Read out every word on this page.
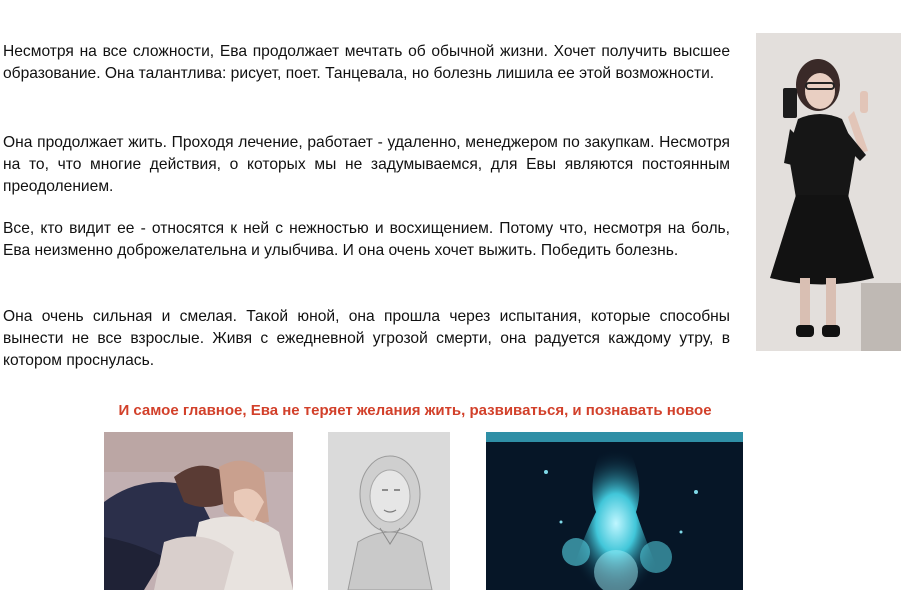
Несмотря на все сложности, Ева продолжает мечтать об обычной жизни. Хочет получить высшее образование. Она талантлива: рисует, поет. Танцевала, но болезнь лишила ее этой возможности.

Она продолжает жить. Проходя лечение, работает - удаленно, менеджером по закупкам. Несмотря на то, что многие действия, о которых мы не задумываемся, для Евы являются постоянным преодолением.

Все, кто видит ее - относятся к ней с нежностью и восхищением. Потому что, несмотря на боль, Ева неизменно доброжелательна и улыбчива. И она очень хочет выжить. Победить болезнь.

Она очень сильная и смелая. Такой юной, она прошла через испытания, которые способны вынести не все взрослые. Живя с ежедневной угрозой смерти, она радуется каждому утру, в котором проснулась.

И самое главное, Ева не теряет желания жить, развиваться, и познавать новое
